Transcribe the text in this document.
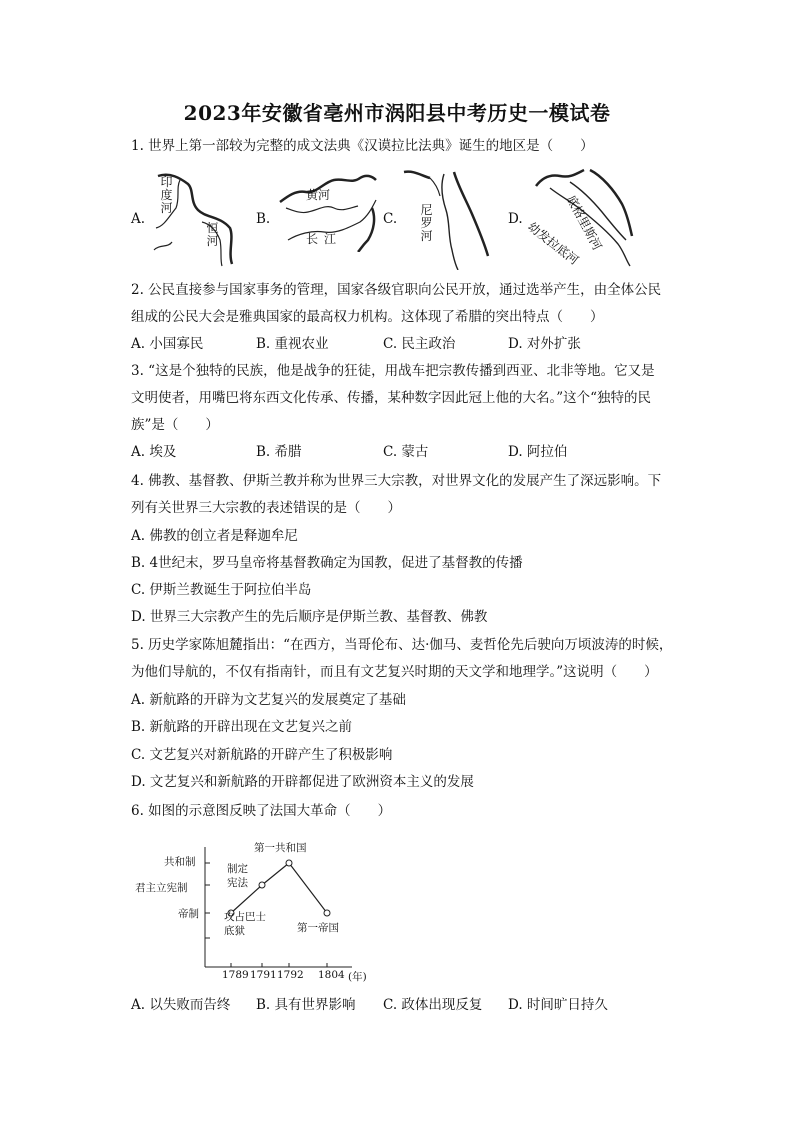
2023年安徽省亳州市涡阳县中考历史一模试卷
1. 世界上第一部较为完整的成文法典《汉谟拉比法典》诞生的地区是（　　）
A.	B.	C.	D.
印度河
恒河
黄河
长江
尼罗河	底格里斯河
幼发拉底河
2. 公民直接参与国家事务的管理，国家各级官职向公民开放，通过选举产生，由全体公民
组成的公民大会是雅典国家的最高权力机构。这体现了希腊的突出特点（　　）
A. 小国寡民	B. 重视农业	C. 民主政治	D. 对外扩张
3. “这是个独特的民族，他是战争的狂徒，用战车把宗教传播到西亚、北非等地。它又是
文明使者，用嘴巴将东西文化传承、传播，某种数字因此冠上他的大名。”这个“独特的民
族”是（　　）
A. 埃及	B. 希腊	C. 蒙古	D. 阿拉伯
4. 佛教、基督教、伊斯兰教并称为世界三大宗教，对世界文化的发展产生了深远影响。下
列有关世界三大宗教的表述错误的是（　　）
A. 佛教的创立者是释迦牟尼
B. 4世纪末，罗马皇帝将基督教确定为国教，促进了基督教的传播
C. 伊斯兰教诞生于阿拉伯半岛
D. 世界三大宗教产生的先后顺序是伊斯兰教、基督教、佛教
5. 历史学家陈旭麓指出：“在西方，当哥伦布、达·伽马、麦哲伦先后驶向万顷波涛的时候，
为他们导航的，不仅有指南针，而且有文艺复兴时期的天文学和地理学。”这说明（　　）
A. 新航路的开辟为文艺复兴的发展奠定了基础
B. 新航路的开辟出现在文艺复兴之前
C. 文艺复兴对新航路的开辟产生了积极影响
D. 文艺复兴和新航路的开辟都促进了欧洲资本主义的发展
6. 如图的示意图反映了法国大革命（　　）
帝制
君主立宪制
共和制
1789 1791 1792 1804 (年)
攻占巴士底狱
制定宪法
第一共和国
第一帝国
A. 以失败而告终 B. 具有世界影响 C. 政体出现反复 D. 时间旷日持久
